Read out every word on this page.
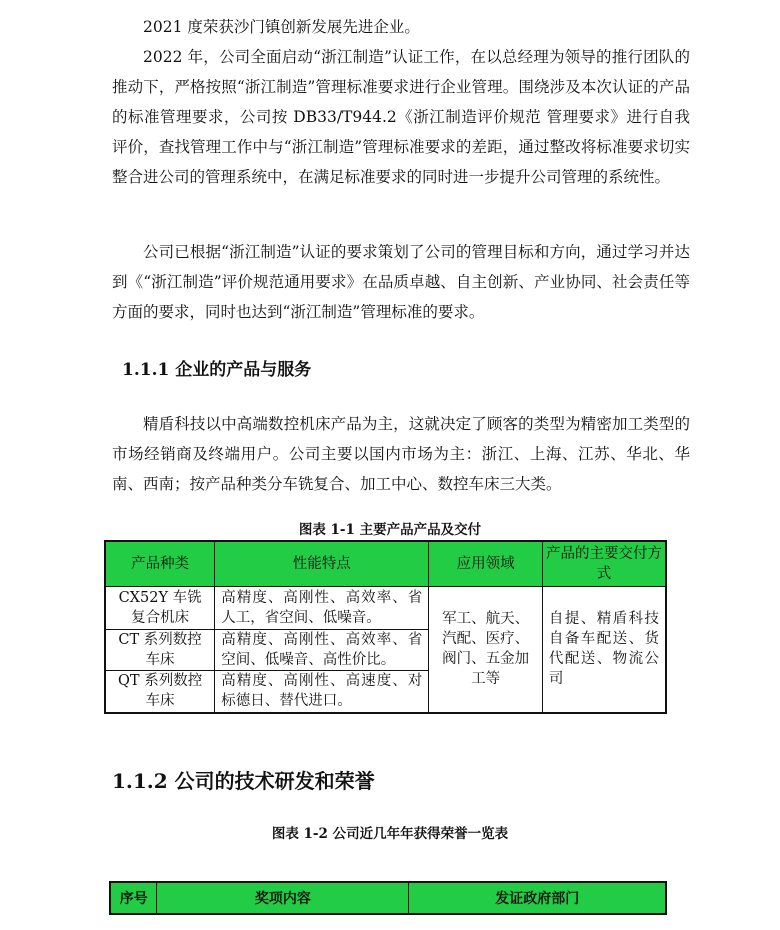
2021 度荣获沙门镇创新发展先进企业。

2022 年，公司全面启动“浙江制造”认证工作，在以总经理为领导的推行团队的推动下，严格按照“浙江制造”管理标准要求进行企业管理。围绕涉及本次认证的产品的标准管理要求，公司按 DB33/T944.2《浙江制造评价规范 管理要求》进行自我评价，查找管理工作中与“浙江制造”管理标准要求的差距，通过整改将标准要求切实整合进公司的管理系统中，在满足标准要求的同时进一步提升公司管理的系统性。

公司已根据“浙江制造”认证的要求策划了公司的管理目标和方向，通过学习并达到《“浙江制造”评价规范通用要求》在品质卓越、自主创新、产业协同、社会责任等方面的要求，同时也达到“浙江制造”管理标准的要求。

1.1.1 企业的产品与服务

精盾科技以中高端数控机床产品为主，这就决定了顾客的类型为精密加工类型的市场经销商及终端用户。公司主要以国内市场为主：浙江、上海、江苏、华北、华南、西南；按产品种类分车铣复合、加工中心、数控车床三大类。

图表 1-1 主要产品产品及交付

产品种类	性能特点	应用领域	产品的主要交付方式
CX52Y 车铣复合机床	高精度、高刚性、高效率、省人工，省空间、低噪音。	军工、航天、汽配、医疗、阀门、五金加工等	自提、精盾科技自备车配送、货代配送、物流公司
CT 系列数控车床	高精度、高刚性、高效率、省空间、低噪音、高性价比。		
QT 系列数控车床	高精度、高刚性、高速度、对标德日、替代进口。		
1.1.2 公司的技术研发和荣誉

图表 1-2 公司近几年年获得荣誉一览表

序号	奖项内容	发证政府部门
